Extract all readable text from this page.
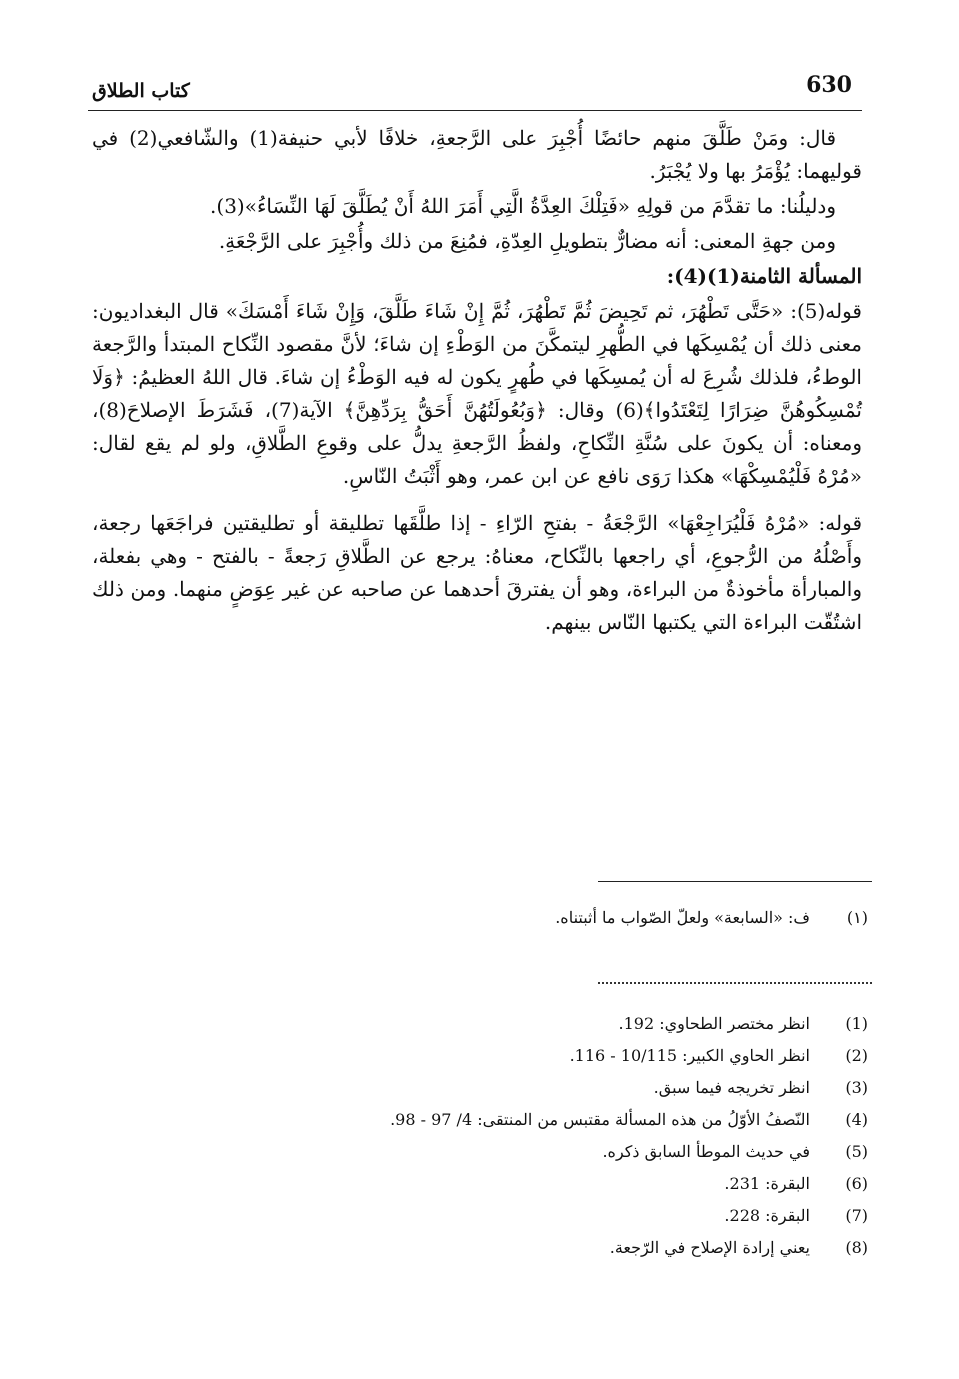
630
كتاب الطلاق

قال: ومَنْ طَلَّقَ منهم حائضًا أُجْبِرَ على الرَّجعةِ، خلافًا لأبي حنيفة(1) والشّافعي(2) في قوليهما: يُؤْمَرُ بها ولا يُجْبَرُ.

ودليلُنا: ما تقدَّمَ من قولِهِ «فَتِلْكَ العِدَّةُ الَّتِي أَمَرَ اللهُ أَنْ يُطَلَّقَ لَهَا النِّسَاءُ»(3).

ومن جهةِ المعنى: أنه مضارٌّ بتطويلِ العِدّةِ، فمُنِعَ من ذلك وأُجْبِرَ على الرَّجْعَةِ.

المسألة الثامنة(1)(4):

قوله(5): «حَتَّى تَطْهُرَ، ثم تَحِيضَ ثُمَّ تَطْهُرَ، ثُمَّ إِنْ شَاءَ طَلَّقَ، وَإِنْ شَاءَ أَمْسَكَ» قال البغداديون: معنى ذلك أن يُمْسِكَها في الطُّهرِ ليتمكَّنَ من الوَطْءِ إن شاءَ؛ لأنَّ مقصود النِّكاح المبتدأ والرَّجعة الوطءُ، فلذلك شُرِعَ له أن يُمسِكَها في طُهرٍ يكون له فيه الوَطْءُ إن شاءَ. قال اللهُ العظيمُ: ﴿وَلَا تُمْسِكُوهُنَّ ضِرَارًا لِتَعْتَدُوا﴾(6) وقال: ﴿وَبُعُولَتُهُنَّ أَحَقُّ بِرَدِّهِنَّ﴾ الآية(7)، فَشَرَطَ الإصلاحَ(8)، ومعناه: أن يكونَ على سُنَّةِ النِّكاحِ، ولفظُ الرَّجعةِ يدلُّ على وقوعِ الطَّلاقِ، ولو لم يقع لقال: «مُرْهُ فَلْيُمْسِكْهَا» هكذا رَوَى نافع عن ابن عمر، وهو أَثْبَتُ النّاسِ.

قوله: «مُرْهُ فَلْيُرَاجِعْهَا» الرَّجْعَةُ - بفتحِ الرّاءِ - إذا طلَّقَها تطليقة أو تطليقتين فراجَعَها رجعة، وأَصْلُهُ من الرُّجوعِ، أي راجعها بالنِّكاح، معناهُ: يرجع عن الطَّلاقِ رَجعةً - بالفتح - وهي بفعلة، والمبارأة مأخوذةٌ من البراءة، وهو أن يفترقَ أحدهما عن صاحبه عن غير عِوَضٍ منهما. ومن ذلك اشتُقّت البراءة التي يكتبها النّاس بينهم.

(١)
ف: «السابعة» ولعلّ الصّواب ما أثبتناه.
(1)
انظر مختصر الطحاوي: 192.
(2)
انظر الحاوي الكبير: 10/115 - 116.
(3)
انظر تخريجه فيما سبق.
(4)
النّصفُ الأوّلُ من هذه المسألة مقتبس من المنتقى: 4/ 97 - 98.
(5)
في حديث الموطأ السابق ذكره.
(6)
البقرة: 231.
(7)
البقرة: 228.
(8)
يعني إرادة الإصلاح في الرّجعة.
